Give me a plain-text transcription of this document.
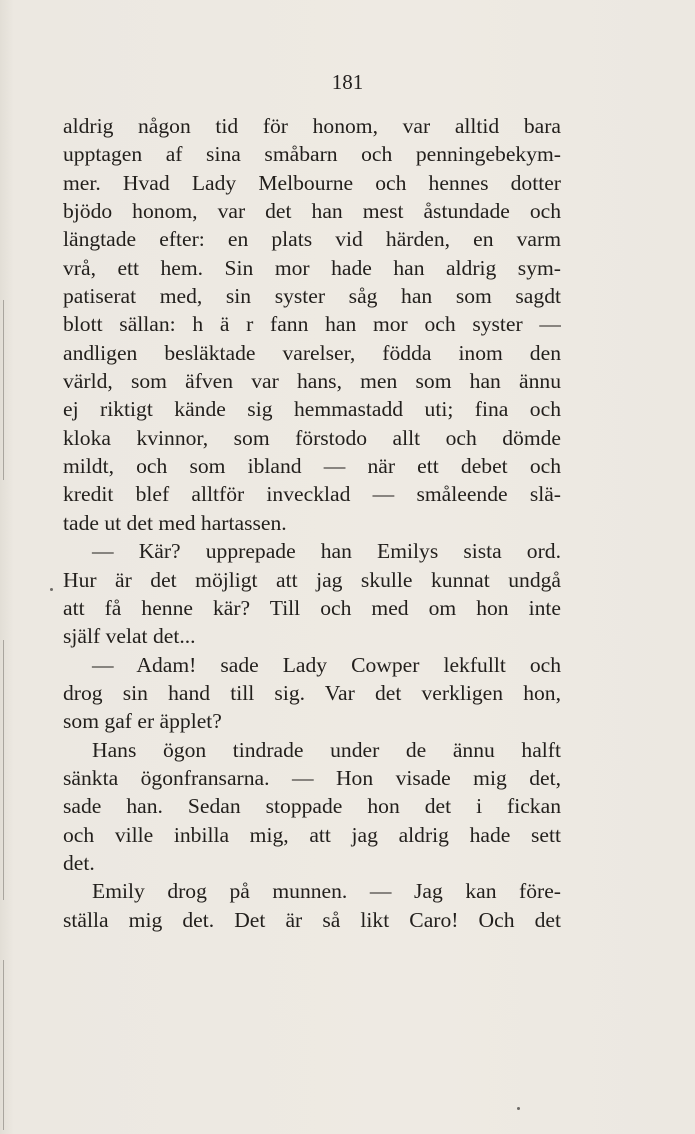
181
aldrig någon tid för honom, var alltid bara
upptagen af sina småbarn och penningebekym-
mer. Hvad Lady Melbourne och hennes dotter
bjödo honom, var det han mest åstundade och
längtade efter: en plats vid härden, en varm
vrå, ett hem. Sin mor hade han aldrig sym-
patiserat med, sin syster såg han som sagdt
blott sällan: h ä r fann han mor och syster —
andligen besläktade varelser, födda inom den
värld, som äfven var hans, men som han ännu
ej riktigt kände sig hemmastadd uti; fina och
kloka kvinnor, som förstodo allt och dömde
mildt, och som ibland — när ett debet och
kredit blef alltför invecklad — småleende slä-
tade ut det med hartassen.
— Kär? upprepade han Emilys sista ord.
Hur är det möjligt att jag skulle kunnat undgå
att få henne kär? Till och med om hon inte
själf velat det...
— Adam! sade Lady Cowper lekfullt och
drog sin hand till sig. Var det verkligen hon,
som gaf er äpplet?
Hans ögon tindrade under de ännu halft
sänkta ögonfransarna. — Hon visade mig det,
sade han. Sedan stoppade hon det i fickan
och ville inbilla mig, att jag aldrig hade sett
det.
Emily drog på munnen. — Jag kan före-
ställa mig det. Det är så likt Caro! Och det
